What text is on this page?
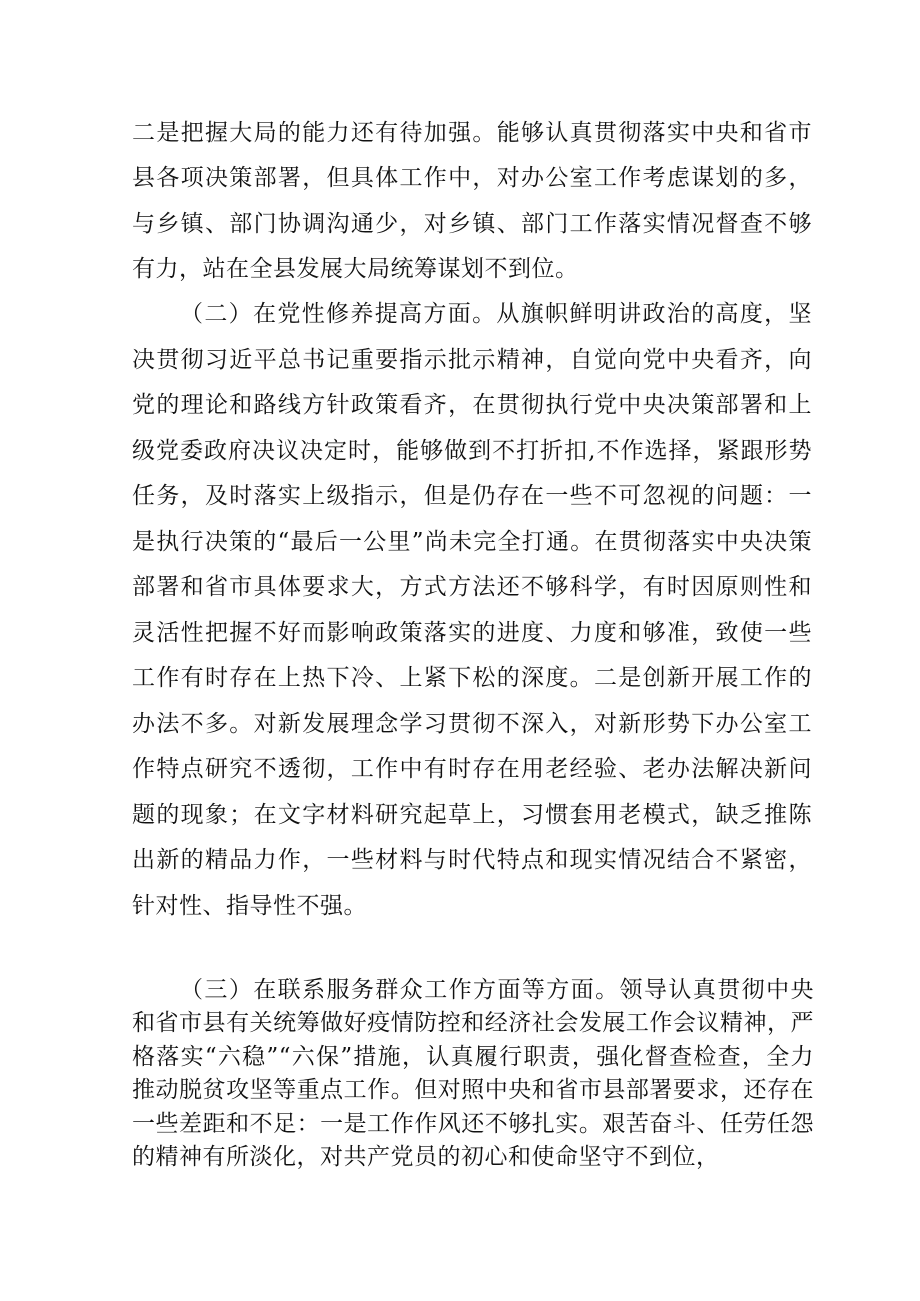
二是把握大局的能力还有待加强。能够认真贯彻落实中央和省市县各项决策部署，但具体工作中，对办公室工作考虑谋划的多，与乡镇、部门协调沟通少，对乡镇、部门工作落实情况督查不够有力，站在全县发展大局统筹谋划不到位。

（二）在党性修养提高方面。从旗帜鲜明讲政治的高度，坚决贯彻习近平总书记重要指示批示精神，自觉向党中央看齐，向党的理论和路线方针政策看齐，在贯彻执行党中央决策部署和上级党委政府决议决定时，能够做到不打折扣,不作选择，紧跟形势任务，及时落实上级指示，但是仍存在一些不可忽视的问题：一是执行决策的“最后一公里”尚未完全打通。在贯彻落实中央决策部署和省市具体要求大，方式方法还不够科学，有时因原则性和灵活性把握不好而影响政策落实的进度、力度和够准，致使一些工作有时存在上热下冷、上紧下松的深度。二是创新开展工作的办法不多。对新发展理念学习贯彻不深入，对新形势下办公室工作特点研究不透彻，工作中有时存在用老经验、老办法解决新问题的现象；在文字材料研究起草上，习惯套用老模式，缺乏推陈出新的精品力作，一些材料与时代特点和现实情况结合不紧密，针对性、指导性不强。

（三）在联系服务群众工作方面等方面。领导认真贯彻中央和省市县有关统筹做好疫情防控和经济社会发展工作会议精神，严格落实“六稳”“六保”措施，认真履行职责，强化督查检查，全力推动脱贫攻坚等重点工作。但对照中央和省市县部署要求，还存在一些差距和不足：一是工作作风还不够扎实。艰苦奋斗、任劳任怨的精神有所淡化，对共产党员的初心和使命坚守不到位，
